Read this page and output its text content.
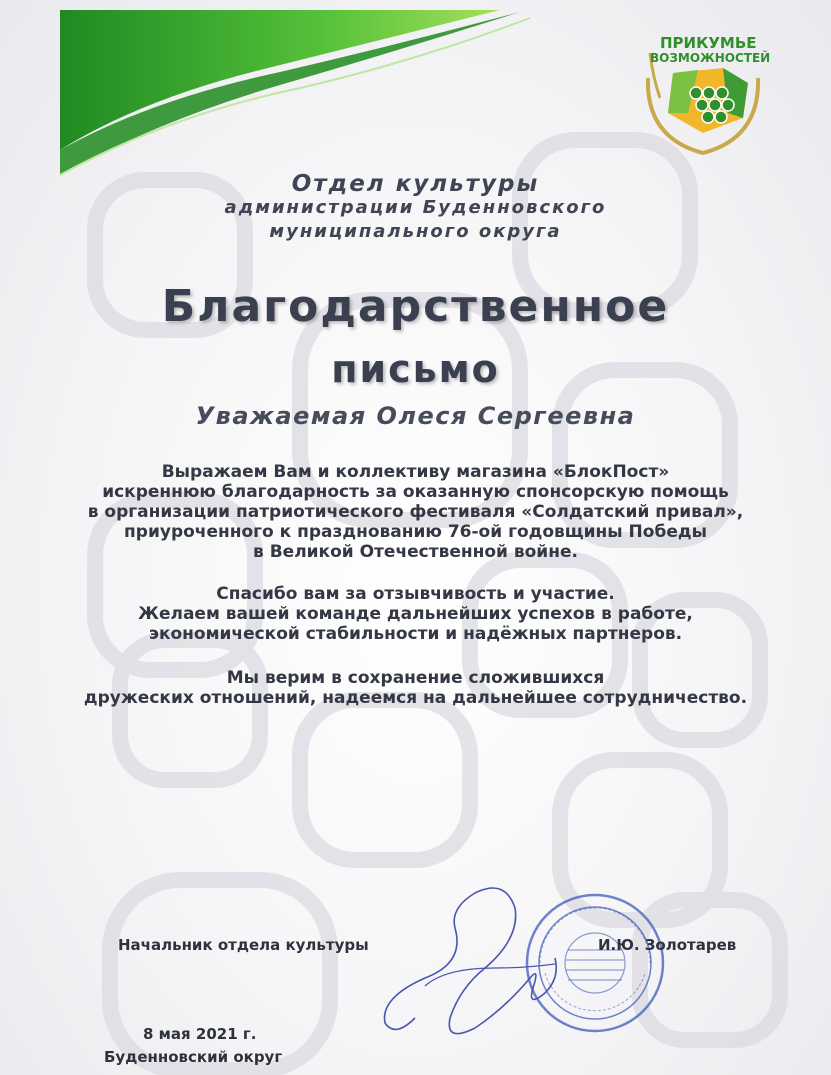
ПРИКУМЬЕ
ВОЗМОЖНОСТЕЙ
Отдел культуры
администрации Буденновского
муниципального округа
Благодарственное
письмо
Уважаемая Олеся Сергеевна
Выражаем Вам и коллективу магазина «БлокПост»
искреннюю благодарность за оказанную спонсорскую помощь
в организации патриотического фестиваля «Солдатский привал»,
приуроченного к празднованию 76-ой годовщины Победы
в Великой Отечественной войне.
Спасибо вам за отзывчивость и участие.
Желаем вашей команде дальнейших успехов в работе,
экономической стабильности и надёжных партнеров.
Мы верим в сохранение сложившихся
дружеских отношений, надеемся на дальнейшее сотрудничество.
Начальник отдела культуры	И.Ю. Золотарев
8 мая 2021 г.
Буденновский округ
